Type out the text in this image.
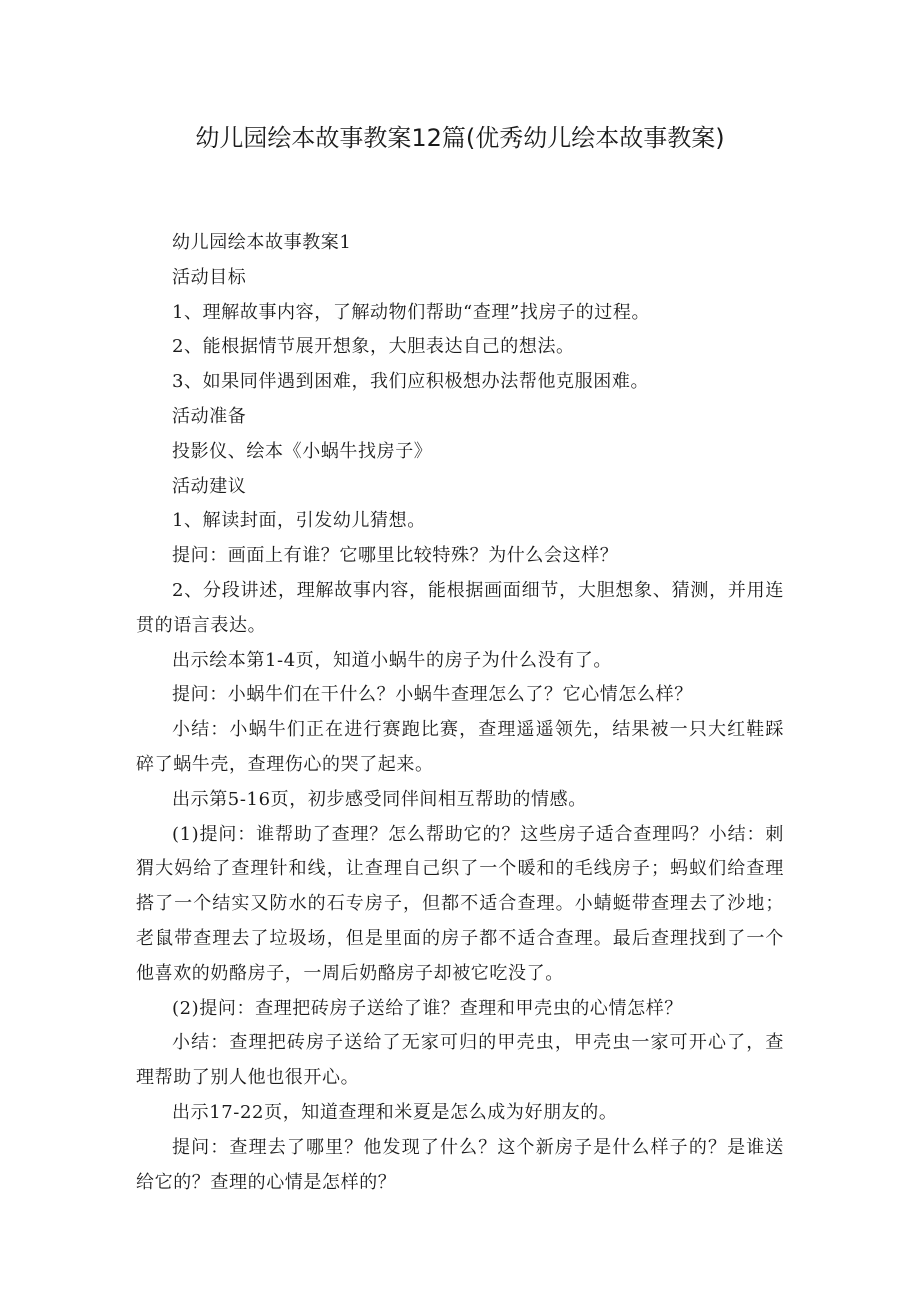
幼儿园绘本故事教案12篇(优秀幼儿绘本故事教案)

幼儿园绘本故事教案1

活动目标

1、理解故事内容，了解动物们帮助“查理”找房子的过程。

2、能根据情节展开想象，大胆表达自己的想法。

3、如果同伴遇到困难，我们应积极想办法帮他克服困难。

活动准备

投影仪、绘本《小蜗牛找房子》

活动建议

1、解读封面，引发幼儿猜想。

提问：画面上有谁？它哪里比较特殊？为什么会这样？

2、分段讲述，理解故事内容，能根据画面细节，大胆想象、猜测，并用连贯的语言表达。

出示绘本第1-4页，知道小蜗牛的房子为什么没有了。

提问：小蜗牛们在干什么？小蜗牛查理怎么了？它心情怎么样？

小结：小蜗牛们正在进行赛跑比赛，查理遥遥领先，结果被一只大红鞋踩碎了蜗牛壳，查理伤心的哭了起来。

出示第5-16页，初步感受同伴间相互帮助的情感。

(1)提问：谁帮助了查理？怎么帮助它的？这些房子适合查理吗？小结：刺猬大妈给了查理针和线，让查理自己织了一个暖和的毛线房子；蚂蚁们给查理搭了一个结实又防水的石专房子，但都不适合查理。小蜻蜓带查理去了沙地；老鼠带查理去了垃圾场，但是里面的房子都不适合查理。最后查理找到了一个他喜欢的奶酪房子，一周后奶酪房子却被它吃没了。

(2)提问：查理把砖房子送给了谁？查理和甲壳虫的心情怎样？

小结：查理把砖房子送给了无家可归的甲壳虫，甲壳虫一家可开心了，查理帮助了别人他也很开心。

出示17-22页，知道查理和米夏是怎么成为好朋友的。

提问：查理去了哪里？他发现了什么？这个新房子是什么样子的？是谁送给它的？查理的心情是怎样的？
